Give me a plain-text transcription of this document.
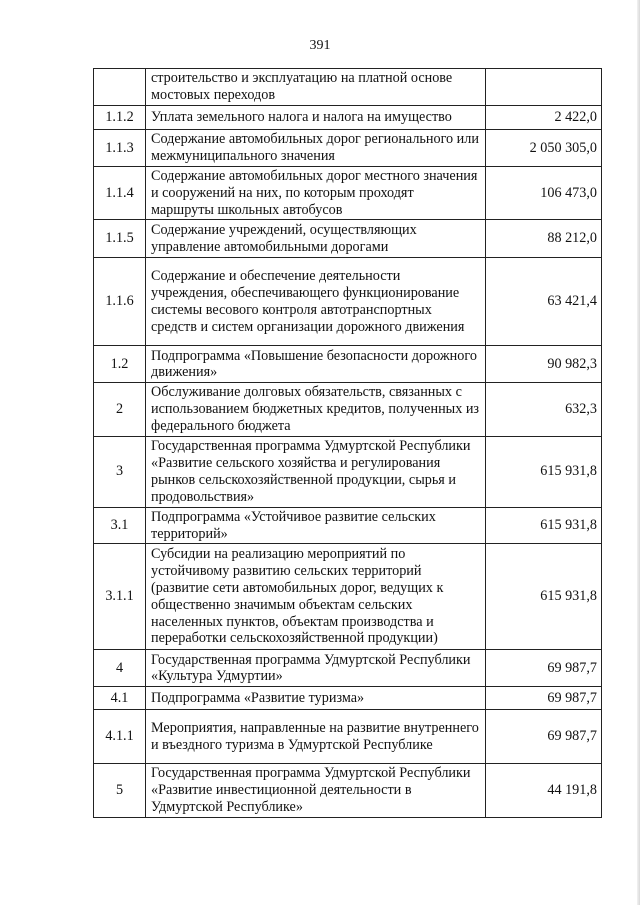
391
	строительство и эксплуатацию на платной основе мостовых переходов	
1.1.2	Уплата земельного налога и налога на имущество	2 422,0
1.1.3	Содержание автомобильных дорог регионального или межмуниципального значения	2 050 305,0
1.1.4	Содержание автомобильных дорог местного значения и сооружений на них, по которым проходят маршруты школьных автобусов	106 473,0
1.1.5	Содержание учреждений, осуществляющих управление автомобильными дорогами	88 212,0
1.1.6	Содержание и обеспечение деятельности учреждения, обеспечивающего функционирование системы весового контроля автотранспортных средств и систем организации дорожного движения	63 421,4
1.2	Подпрограмма «Повышение безопасности дорожного движения»	90 982,3
2	Обслуживание долговых обязательств, связанных с использованием бюджетных кредитов, полученных из федерального бюджета	632,3
3	Государственная программа Удмуртской Республики «Развитие сельского хозяйства и регулирования рынков сельскохозяйственной продукции, сырья и продовольствия»	615 931,8
3.1	Подпрограмма «Устойчивое развитие сельских территорий»	615 931,8
3.1.1	Субсидии на реализацию мероприятий по устойчивому развитию сельских территорий (развитие сети автомобильных дорог, ведущих к общественно значимым объектам сельских населенных пунктов, объектам производства и переработки сельскохозяйственной продукции)	615 931,8
4	Государственная программа Удмуртской Республики «Культура Удмуртии»	69 987,7
4.1	Подпрограмма «Развитие туризма»	69 987,7
4.1.1	Мероприятия, направленные на развитие внутреннего и въездного туризма в Удмуртской Республике	69 987,7
5	Государственная программа Удмуртской Республики «Развитие инвестиционной деятельности в Удмуртской Республике»	44 191,8
